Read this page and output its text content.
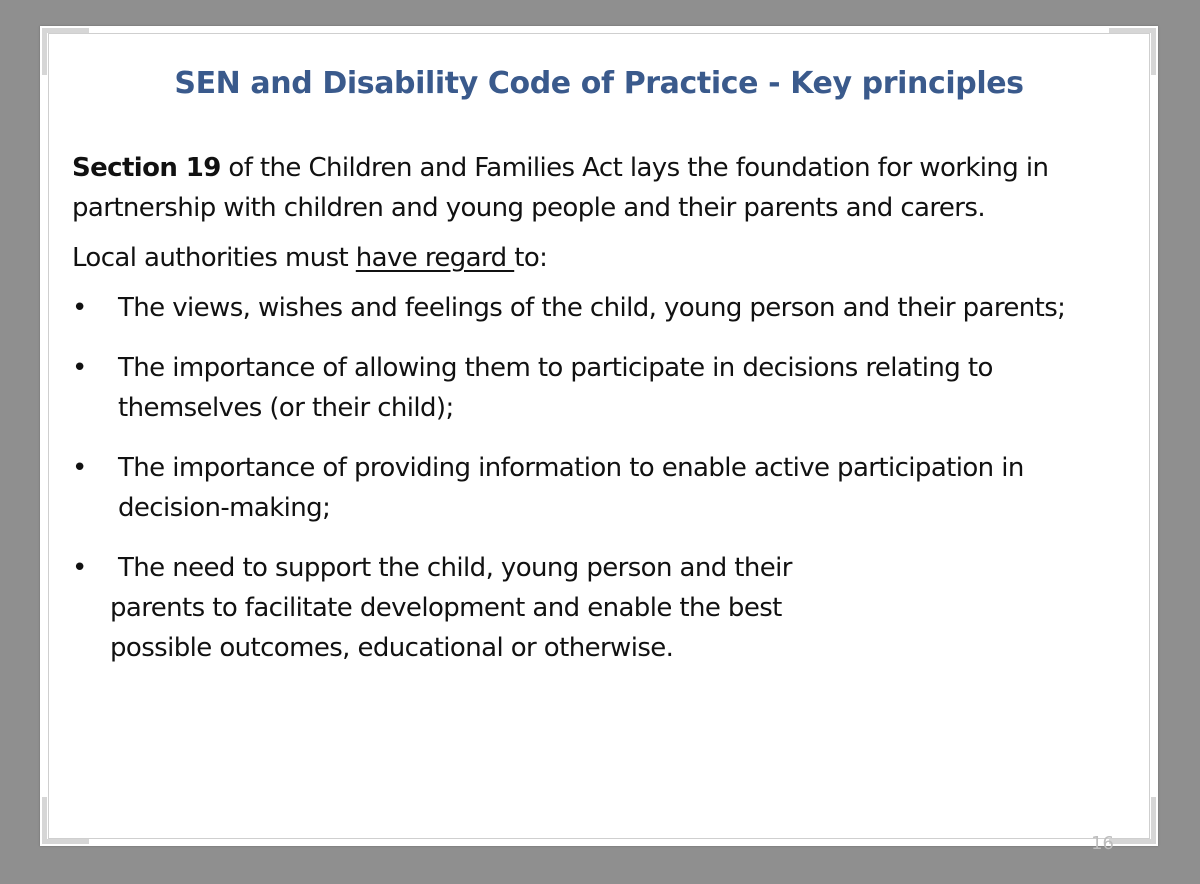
SEN and Disability Code of Practice - Key principles

Section 19 of the Children and Families Act lays the foundation for working in partnership with children and young people and their parents and carers.

Local authorities must have regard to:

• The views, wishes and feelings of the child, young person and their parents;
• The importance of allowing them to participate in decisions relating to themselves (or their child);
• The importance of providing information to enable active participation in decision-making;
• The need to support the child, young person and their
parents to facilitate development and enable the best
possible outcomes, educational or otherwise.
16
